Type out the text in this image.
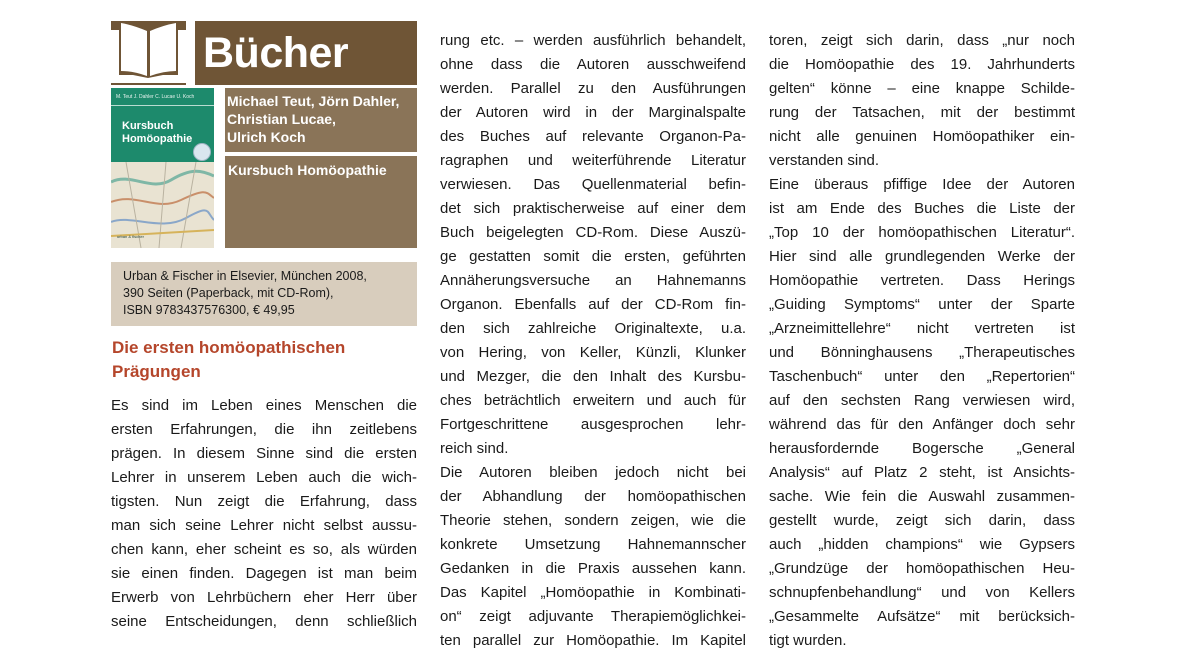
Bücher
M. Teut J. Dahler C. Lucae U. Koch
Kursbuch
Homöopathie
urban & fischer
Michael Teut, Jörn Dahler,
Christian Lucae,
Ulrich Koch
Kursbuch Homöopathie
Urban & Fischer in Elsevier, München 2008,
390 Seiten (Paperback, mit CD-Rom),
ISBN 9783437576300, € 49,95
Die ersten homöopathischen
Prägungen
Es sind im Leben eines Menschen die
ersten Erfahrungen, die ihn zeitlebens
prägen. In diesem Sinne sind die ersten
Lehrer in unserem Leben auch die wich-
tigsten. Nun zeigt die Erfahrung, dass
man sich seine Lehrer nicht selbst aussu-
chen kann, eher scheint es so, als würden
sie einen finden. Dagegen ist man beim
Erwerb von Lehrbüchern eher Herr über
seine Entscheidungen, denn schließlich
rung etc. – werden ausführlich behandelt,
ohne dass die Autoren ausschweifend
werden. Parallel zu den Ausführungen
der Autoren wird in der Marginalspalte
des Buches auf relevante Organon-Pa-
ragraphen und weiterführende Literatur
verwiesen. Das Quellenmaterial befin-
det sich praktischerweise auf einer dem
Buch beigelegten CD-Rom. Diese Auszü-
ge gestatten somit die ersten, geführten
Annäherungsversuche an Hahnemanns
Organon. Ebenfalls auf der CD-Rom fin-
den sich zahlreiche Originaltexte, u.a.
von Hering, von Keller, Künzli, Klunker
und Mezger, die den Inhalt des Kursbu-
ches beträchtlich erweitern und auch für
Fortgeschrittene ausgesprochen lehr-
reich sind.
Die Autoren bleiben jedoch nicht bei
der Abhandlung der homöopathischen
Theorie stehen, sondern zeigen, wie die
konkrete Umsetzung Hahnemannscher
Gedanken in die Praxis aussehen kann.
Das Kapitel „Homöopathie in Kombinati-
on“ zeigt adjuvante Therapiemöglichkei-
ten parallel zur Homöopathie. Im Kapitel
toren, zeigt sich darin, dass „nur noch
die Homöopathie des 19. Jahrhunderts
gelten“ könne – eine knappe Schilde-
rung der Tatsachen, mit der bestimmt
nicht alle genuinen Homöopathiker ein-
verstanden sind.
Eine überaus pfiffige Idee der Autoren
ist am Ende des Buches die Liste der
„Top 10 der homöopathischen Literatur“.
Hier sind alle grundlegenden Werke der
Homöopathie vertreten. Dass Herings
„Guiding Symptoms“ unter der Sparte
„Arzneimittellehre“ nicht vertreten ist
und Bönninghausens „Therapeutisches
Taschenbuch“ unter den „Repertorien“
auf den sechsten Rang verwiesen wird,
während das für den Anfänger doch sehr
herausfordernde Bogersche „General
Analysis“ auf Platz 2 steht, ist Ansichts-
sache. Wie fein die Auswahl zusammen-
gestellt wurde, zeigt sich darin, dass
auch „hidden champions“ wie Gypsers
„Grundzüge der homöopathischen Heu-
schnupfenbehandlung“ und von Kellers
„Gesammelte Aufsätze“ mit berücksich-
tigt wurden.
